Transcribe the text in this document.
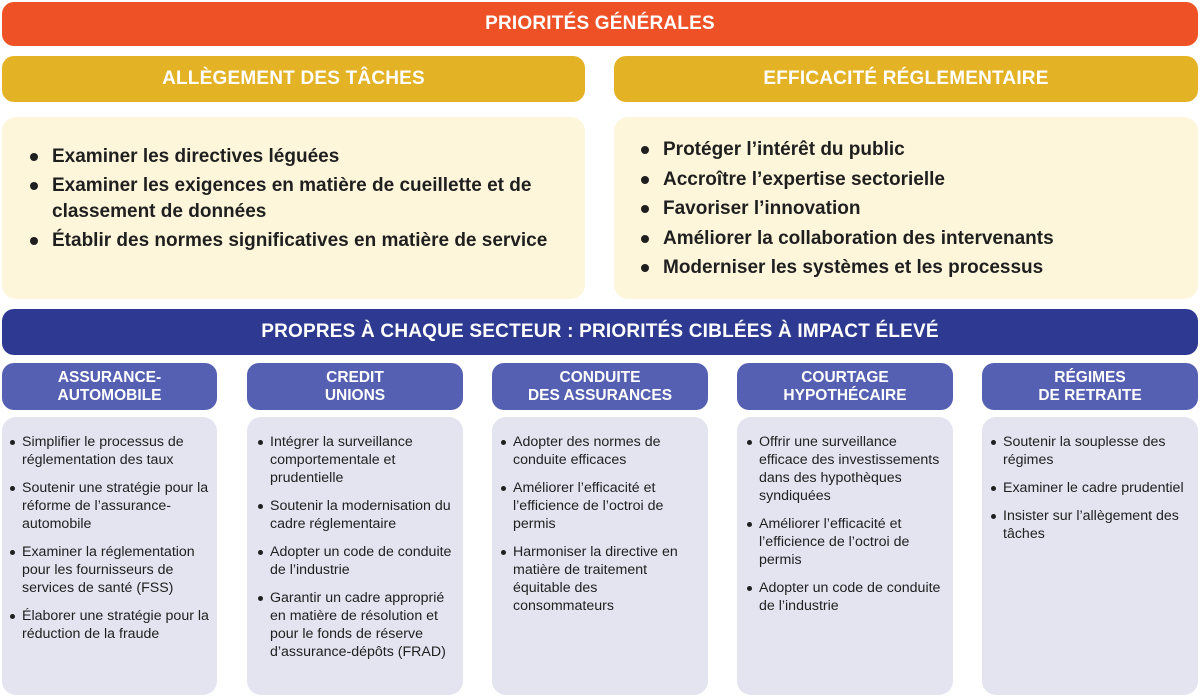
PRIORITÉS GÉNÉRALES
ALLÈGEMENT DES TÂCHES
Examiner les directives léguées
Examiner les exigences en matière de cueillette et de classement de données
Établir des normes significatives en matière de service
EFFICACITÉ RÉGLEMENTAIRE
Protéger l’intérêt du public
Accroître l’expertise sectorielle
Favoriser l’innovation
Améliorer la collaboration des intervenants
Moderniser les systèmes et les processus
PROPRES À CHAQUE SECTEUR : PRIORITÉS CIBLÉES À IMPACT ÉLEVÉ
ASSURANCE-
AUTOMOBILE
Simplifier le processus de réglementation des taux
Soutenir une stratégie pour la réforme de l’assurance-automobile
Examiner la réglementation pour les fournisseurs de services de santé (FSS)
Élaborer une stratégie pour la réduction de la fraude
CREDIT
UNIONS
Intégrer la surveillance comportementale et prudentielle
Soutenir la modernisation du cadre réglementaire
Adopter un code de conduite de l’industrie
Garantir un cadre approprié en matière de résolution et pour le fonds de réserve d’assurance-dépôts (FRAD)
CONDUITE
DES ASSURANCES
Adopter des normes de conduite efficaces
Améliorer l’efficacité et l’efficience de l’octroi de permis
Harmoniser la directive en matière de traitement équitable des consommateurs
COURTAGE
HYPOTHÉCAIRE
Offrir une surveillance efficace des investissements dans des hypothèques syndiquées
Améliorer l’efficacité et l’efficience de l’octroi de permis
Adopter un code de conduite de l’industrie
RÉGIMES
DE RETRAITE
Soutenir la souplesse des régimes
Examiner le cadre prudentiel
Insister sur l’allègement des tâches
